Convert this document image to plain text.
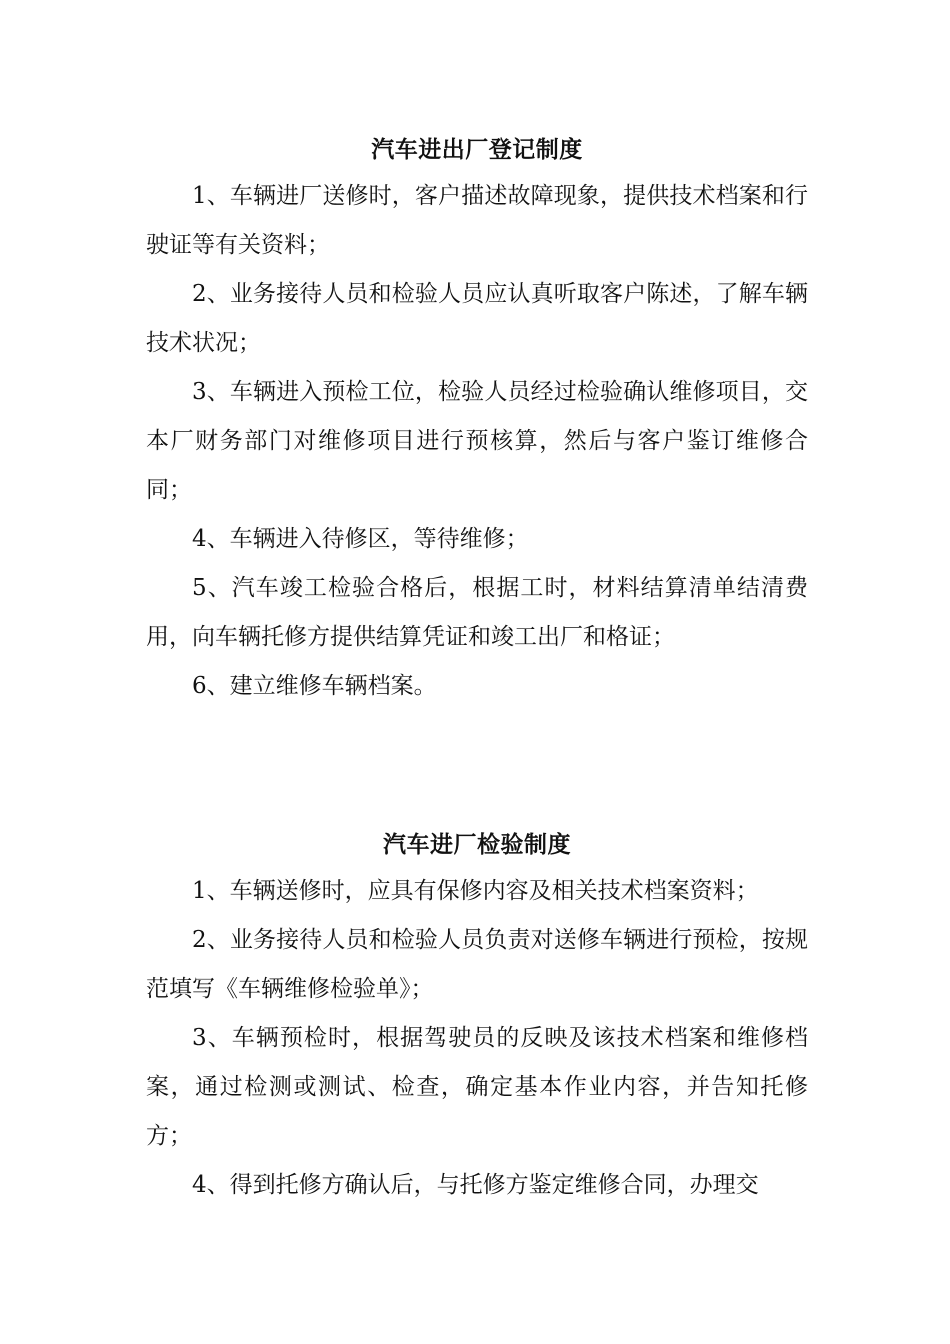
汽车进出厂登记制度

1、车辆进厂送修时，客户描述故障现象，提供技术档案和行驶证等有关资料；

2、业务接待人员和检验人员应认真听取客户陈述，了解车辆技术状况；

3、车辆进入预检工位，检验人员经过检验确认维修项目，交本厂财务部门对维修项目进行预核算，然后与客户鉴订维修合同；

4、车辆进入待修区，等待维修；

5、汽车竣工检验合格后，根据工时，材料结算清单结清费用，向车辆托修方提供结算凭证和竣工出厂和格证；

6、建立维修车辆档案。

汽车进厂检验制度

1、车辆送修时，应具有保修内容及相关技术档案资料；

2、业务接待人员和检验人员负责对送修车辆进行预检，按规范填写《车辆维修检验单》；

3、车辆预检时，根据驾驶员的反映及该技术档案和维修档案，通过检测或测试、检查，确定基本作业内容，并告知托修方；

4、得到托修方确认后，与托修方鉴定维修合同，办理交
